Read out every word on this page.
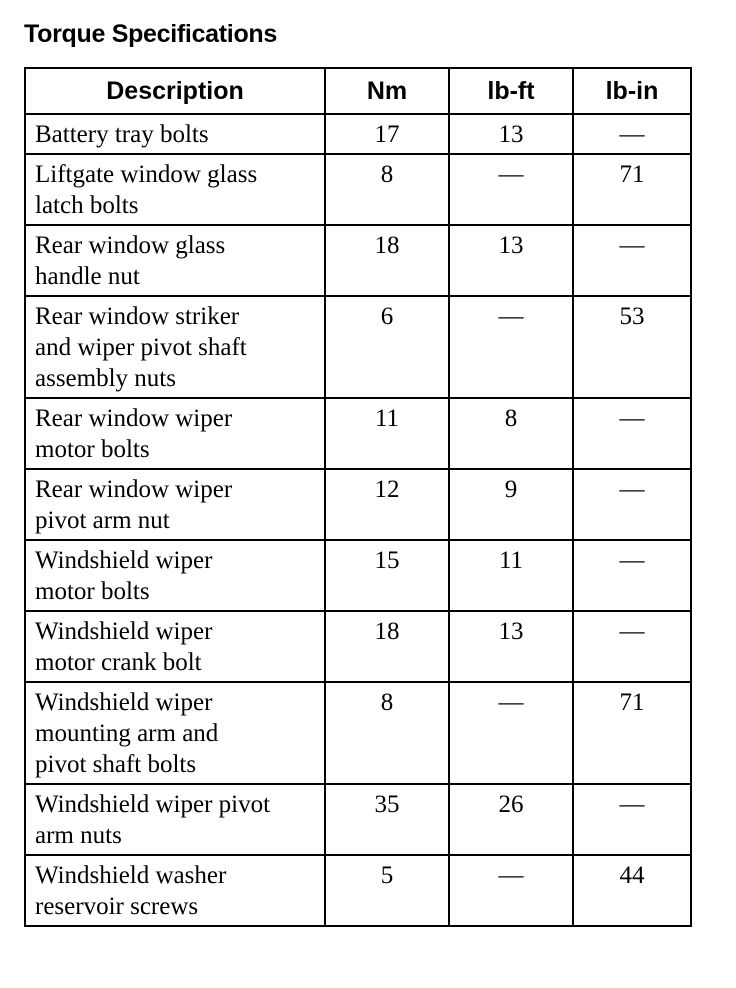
Torque Specifications
Description	Nm	lb-ft	lb-in

Battery tray bolts	17	13	—

Liftgate window glass
latch bolts	8	—	71

Rear window glass
handle nut	18	13	—

Rear window striker
and wiper pivot shaft
assembly nuts	6	—	53

Rear window wiper
motor bolts	11	8	—

Rear window wiper
pivot arm nut	12	9	—

Windshield wiper
motor bolts	15	11	—

Windshield wiper
motor crank bolt	18	13	—

Windshield wiper
mounting arm and
pivot shaft bolts	8	—	71

Windshield wiper pivot
arm nuts	35	26	—

Windshield washer
reservoir screws	5	—	44
